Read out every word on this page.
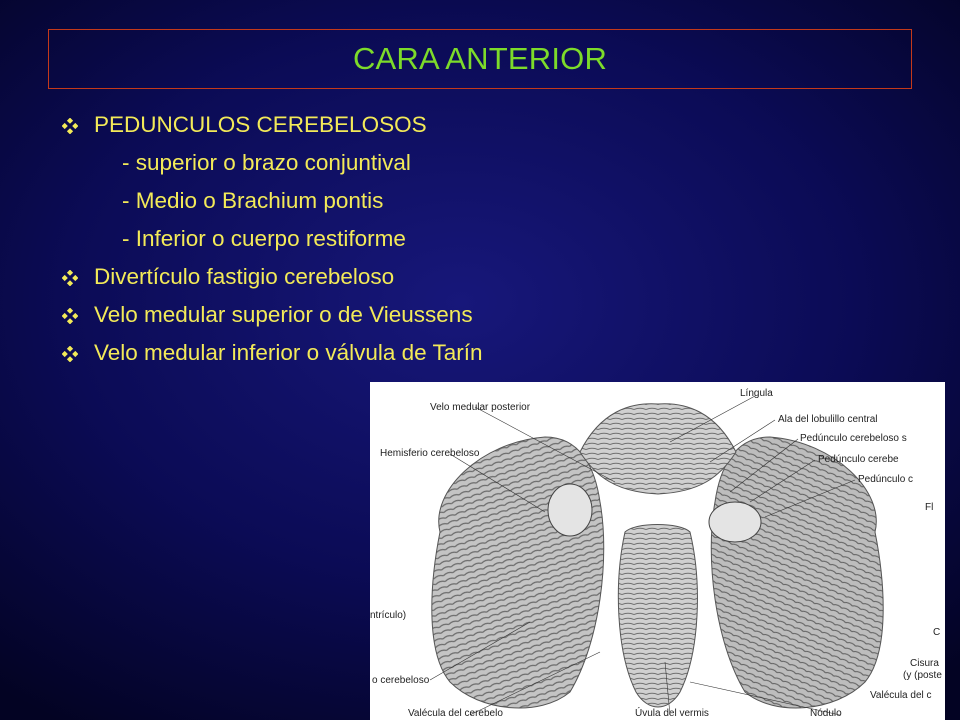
CARA ANTERIOR
PEDUNCULOS CEREBELOSOS
- superior o brazo conjuntival
- Medio o Brachium pontis
- Inferior o cuerpo restiforme
Divertículo fastigio cerebeloso
Velo medular superior o de Vieussens
Velo medular inferior o válvula de Tarín
Língula
Velo medular posterior
Ala del lobulillo central
Pedúnculo cerebeloso s
Pedúnculo cerebe
Pedúnculo c
Hemisferio cerebeloso
Fl
ntrículo)
C
Cisura
(y (poste
o cerebeloso
Valécula del c
Valécula del cerebelo	Úvula del vermis	Nódulo
